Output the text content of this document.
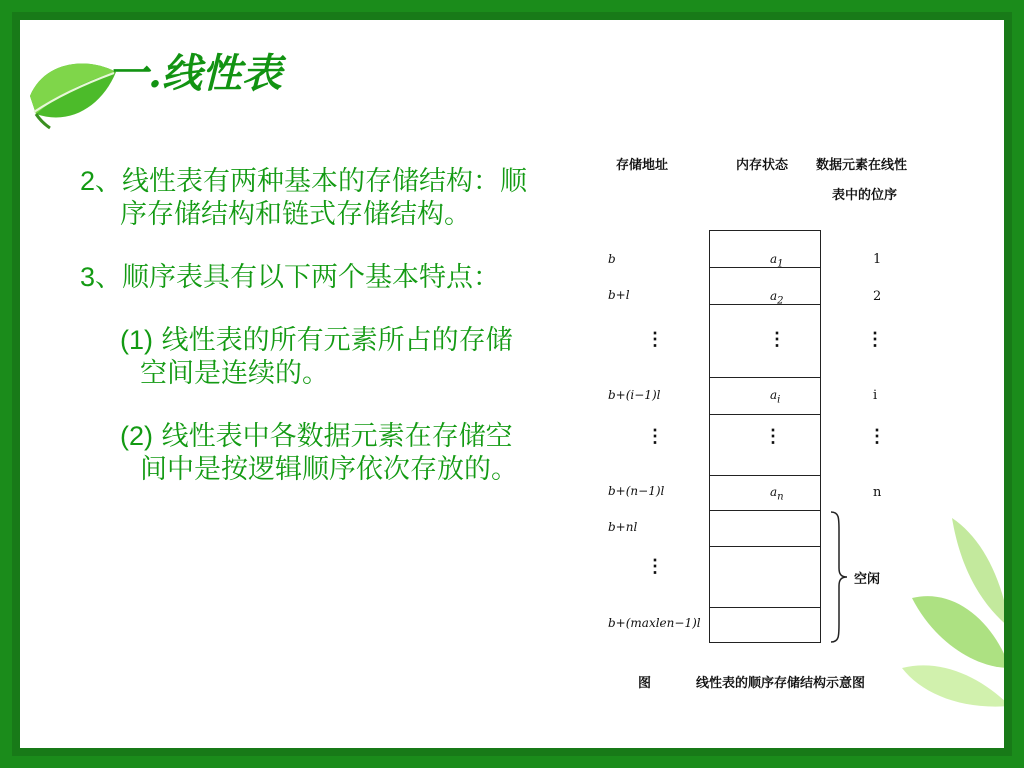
一.线性表

2、线性表有两种基本的存储结构：顺序存储结构和链式存储结构。

3、顺序表具有以下两个基本特点：

(1) 线性表的所有元素所占的存储空间是连续的。

(2) 线性表中各数据元素在存储空间中是按逻辑顺序依次存放的。

存储地址	内存状态 数据元素在线性
表中的位序
b	$a_1$	1
b+l	$a_2$	2
⋮	⋮	⋮
b+(i−1)l	$a_i$	i
⋮	⋮	⋮
b+(n−1)l	$a_n$	n
b+nl
⋮
b+(maxlen−1)l
空闲
图	线性表的顺序存储结构示意图
